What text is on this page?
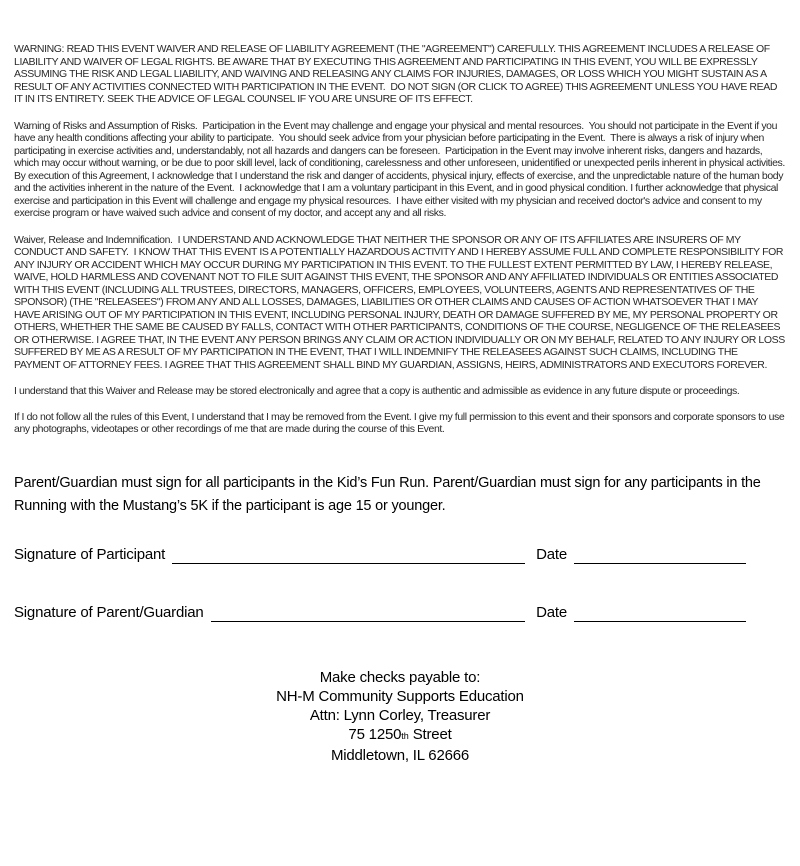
WARNING: READ THIS EVENT WAIVER AND RELEASE OF LIABILITY AGREEMENT (THE "AGREEMENT") CAREFULLY. THIS AGREEMENT INCLUDES A RELEASE OF LIABILITY AND WAIVER OF LEGAL RIGHTS. BE AWARE THAT BY EXECUTING THIS AGREEMENT AND PARTICIPATING IN THIS EVENT, YOU WILL BE EXPRESSLY ASSUMING THE RISK AND LEGAL LIABILITY, AND WAIVING AND RELEASING ANY CLAIMS FOR INJURIES, DAMAGES, OR LOSS WHICH YOU MIGHT SUSTAIN AS A RESULT OF ANY ACTIVITIES CONNECTED WITH PARTICIPATION IN THE EVENT.  DO NOT SIGN (OR CLICK TO AGREE) THIS AGREEMENT UNLESS YOU HAVE READ IT IN ITS ENTIRETY. SEEK THE ADVICE OF LEGAL COUNSEL IF YOU ARE UNSURE OF ITS EFFECT.

Warning of Risks and Assumption of Risks.  Participation in the Event may challenge and engage your physical and mental resources.  You should not participate in the Event if you have any health conditions affecting your ability to participate.  You should seek advice from your physician before participating in the Event.  There is always a risk of injury when participating in exercise activities and, understandably, not all hazards and dangers can be foreseen.  Participation in the Event may involve inherent risks, dangers and hazards, which may occur without warning, or be due to poor skill level, lack of conditioning, carelessness and other unforeseen, unidentified or unexpected perils inherent in physical activities.  By execution of this Agreement, I acknowledge that I understand the risk and danger of accidents, physical injury, effects of exercise, and the unpredictable nature of the human body and the activities inherent in the nature of the Event.  I acknowledge that I am a voluntary participant in this Event, and in good physical condition. I further acknowledge that physical exercise and participation in this Event will challenge and engage my physical resources.  I have either visited with my physician and received doctor's advice and consent to my exercise program or have waived such advice and consent of my doctor, and accept any and all risks.

Waiver, Release and Indemnification.  I UNDERSTAND AND ACKNOWLEDGE THAT NEITHER THE SPONSOR OR ANY OF ITS AFFILIATES ARE INSURERS OF MY CONDUCT AND SAFETY.  I KNOW THAT THIS EVENT IS A POTENTIALLY HAZARDOUS ACTIVITY AND I HEREBY ASSUME FULL AND COMPLETE RESPONSIBILITY FOR ANY INJURY OR ACCIDENT WHICH MAY OCCUR DURING MY PARTICIPATION IN THIS EVENT. TO THE FULLEST EXTENT PERMITTED BY LAW, I HEREBY RELEASE, WAIVE, HOLD HARMLESS AND COVENANT NOT TO FILE SUIT AGAINST THIS EVENT, THE SPONSOR AND ANY AFFILIATED INDIVIDUALS OR ENTITIES ASSOCIATED WITH THIS EVENT (INCLUDING ALL TRUSTEES, DIRECTORS, MANAGERS, OFFICERS, EMPLOYEES, VOLUNTEERS, AGENTS AND REPRESENTATIVES OF THE SPONSOR) (THE "RELEASEES") FROM ANY AND ALL LOSSES, DAMAGES, LIABILITIES OR OTHER CLAIMS AND CAUSES OF ACTION WHATSOEVER THAT I MAY HAVE ARISING OUT OF MY PARTICIPATION IN THIS EVENT, INCLUDING PERSONAL INJURY, DEATH OR DAMAGE SUFFERED BY ME, MY PERSONAL PROPERTY OR OTHERS, WHETHER THE SAME BE CAUSED BY FALLS, CONTACT WITH OTHER PARTICIPANTS, CONDITIONS OF THE COURSE, NEGLIGENCE OF THE RELEASEES OR OTHERWISE. I AGREE THAT, IN THE EVENT ANY PERSON BRINGS ANY CLAIM OR ACTION INDIVIDUALLY OR ON MY BEHALF, RELATED TO ANY INJURY OR LOSS SUFFERED BY ME AS A RESULT OF MY PARTICIPATION IN THE EVENT, THAT I WILL INDEMNIFY THE RELEASEES AGAINST SUCH CLAIMS, INCLUDING THE PAYMENT OF ATTORNEY FEES. I AGREE THAT THIS AGREEMENT SHALL BIND MY GUARDIAN, ASSIGNS, HEIRS, ADMINISTRATORS AND EXECUTORS FOREVER.

I understand that this Waiver and Release may be stored electronically and agree that a copy is authentic and admissible as evidence in any future dispute or proceedings.

If I do not follow all the rules of this Event, I understand that I may be removed from the Event. I give my full permission to this event and their sponsors and corporate sponsors to use any photographs, videotapes or other recordings of me that are made during the course of this Event.

Parent/Guardian must sign for all participants in the Kid’s Fun Run. Parent/Guardian must sign for any participants in the Running with the Mustang’s 5K if the participant is age 15 or younger.

Signature of Participant	Date
Signature of Parent/Guardian	Date

Make checks payable to:

NH-M Community Supports Education

Attn: Lynn Corley, Treasurer

75 1250th Street

Middletown, IL 62666
